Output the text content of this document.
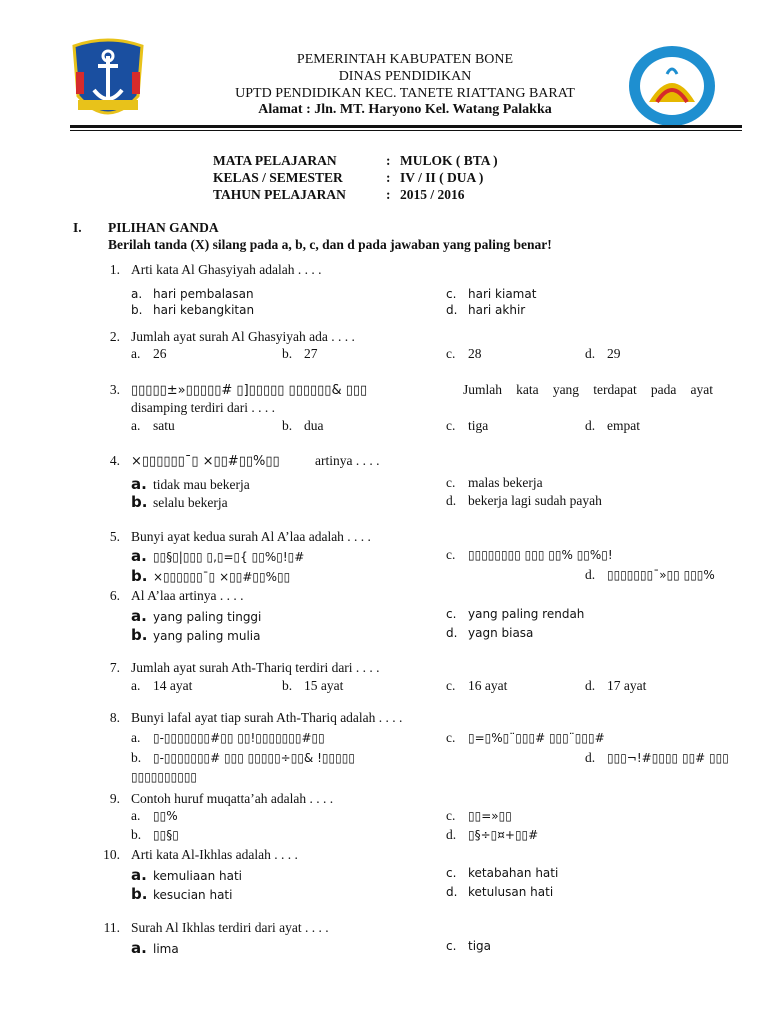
PEMERINTAH KABUPATEN BONE
DINAS PENDIDIKAN
UPTD PENDIDIKAN KEC. TANETE RIATTANG BARAT
Alamat : Jln. MT. Haryono Kel. Watang Palakka
MATA PELAJARAN	: MULOK ( BTA )
KELAS / SEMESTER	: IV / II ( DUA )
TAHUN PELAJARAN	: 2015 / 2016
I. PILIHAN GANDA
Berilah tanda (X) silang pada a, b, c, dan d pada jawaban yang paling benar!
1. Arti kata Al Ghasyiyah adalah . . . .
a. hari pembalasan	c. hari kiamat
b. hari kebangkitan	d. hari akhir
2. Jumlah ayat surah Al Ghasyiyah ada . . . .
a. 26	b. 27	c. 28	d. 29
3. ▯▯▯▯▯±»▯▯▯▯▯# ▯]▯▯▯▯▯ ▯▯▯▯▯▯& ▯▯▯	Jumlah kata yang terdapat pada ayat
disamping terdiri dari . . . .
a. satu	b. dua	c. tiga	d. empat
4. ×▯▯▯▯▯▯¯▯ ×▯▯#▯▯%▯▯	artinya . . . .
a. tidak mau bekerja	c. malas bekerja
b. selalu bekerja	d. bekerja lagi sudah payah
5. Bunyi ayat kedua surah Al A’laa adalah . . . .
a. ▯▯§▯|▯▯▯ ▯,▯=▯{ ▯▯%▯!▯#	c. ▯▯▯▯▯▯▯▯ ▯▯▯ ▯▯% ▯▯%▯!
b. ×▯▯▯▯▯▯¯▯ ×▯▯#▯▯%▯▯	d. ▯▯▯▯▯▯▯¯»▯▯ ▯▯▯%
6. Al A’laa artinya . . . .
a. yang paling tinggi	c. yang paling rendah
b. yang paling mulia	d. yagn biasa
7. Jumlah ayat surah Ath-Thariq terdiri dari . . . .
a. 14 ayat	b. 15 ayat	c. 16 ayat	d. 17 ayat
8. Bunyi lafal ayat tiap surah Ath-Thariq adalah . . . .
a. ▯-▯▯▯▯▯▯▯#▯▯ ▯▯!▯▯▯▯▯▯▯#▯▯	c. ▯=▯%▯¨▯▯▯# ▯▯▯¨▯▯▯#
b. ▯-▯▯▯▯▯▯▯# ▯▯▯ ▯▯▯▯▯÷▯▯& !▯▯▯▯▯	d. ▯▯▯¬!#▯▯▯▯ ▯▯# ▯▯▯
▯▯▯▯▯▯▯▯▯▯
9. Contoh huruf muqatta’ah adalah . . . .
a. ▯▯%	c. ▯▯=»▯▯
b. ▯▯§▯	d. ▯§÷▯¤+▯▯#
10. Arti kata Al-Ikhlas adalah . . . .
a. kemuliaan hati	c. ketabahan hati
b. kesucian hati	d. ketulusan hati
11. Surah Al Ikhlas terdiri dari ayat . . . .
a. lima	c. tiga
